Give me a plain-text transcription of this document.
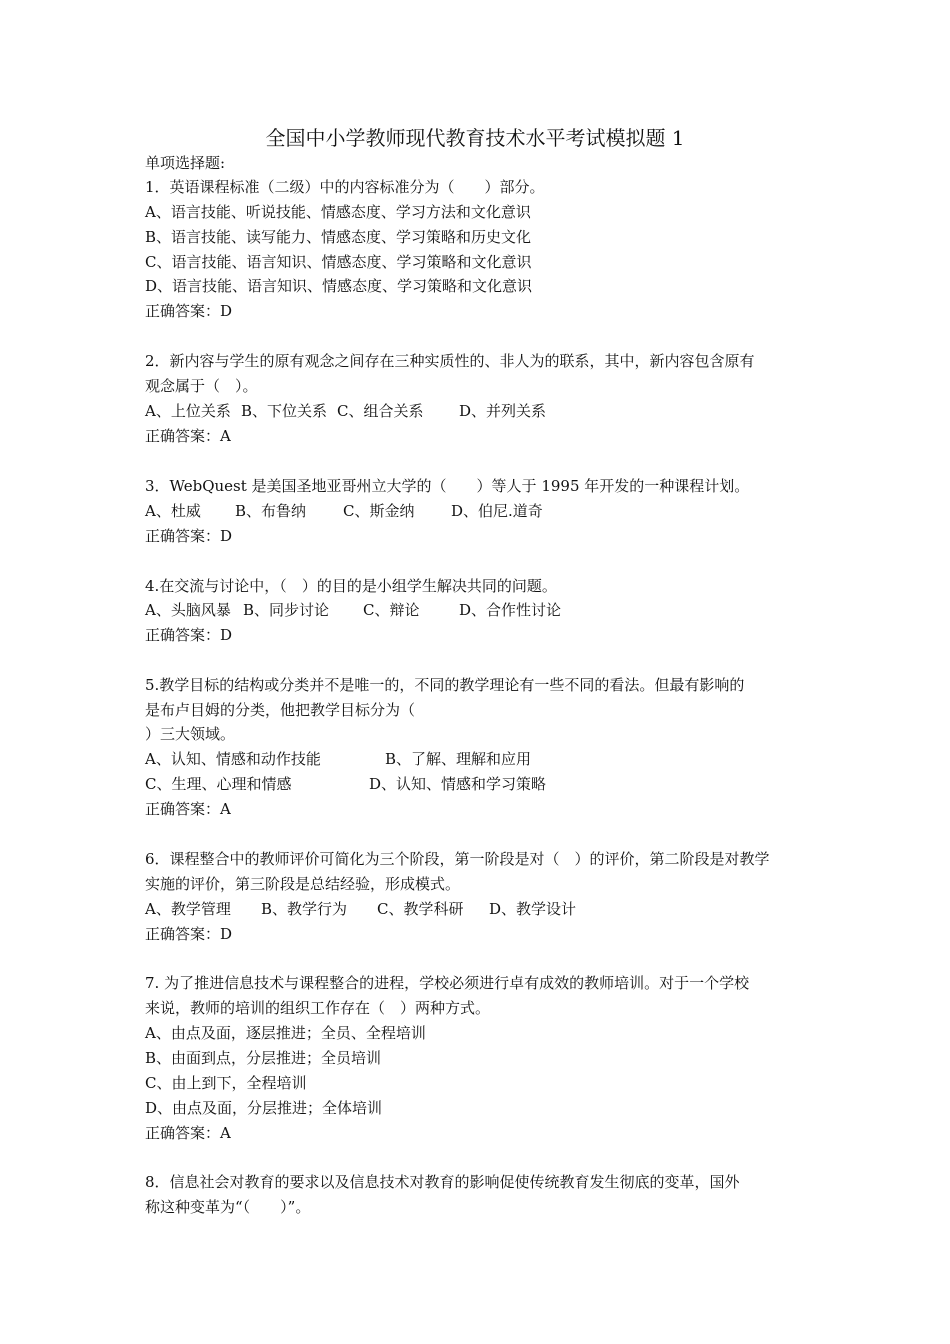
全国中小学教师现代教育技术水平考试模拟题 1
单项选择题:
1．英语课程标准（二级）中的内容标准分为（　　）部分。
A、语言技能、听说技能、情感态度、学习方法和文化意识
B、语言技能、读写能力、情感态度、学习策略和历史文化
C、语言技能、语言知识、情感态度、学习策略和文化意识
D、语言技能、语言知识、情感态度、学习策略和文化意识
正确答案：D
2．新内容与学生的原有观念之间存在三种实质性的、非人为的联系，其中，新内容包含原有
观念属于（　）。
A、上位关系 B、下位关系 C、组合关系 D、并列关系
正确答案：A
3．WebQuest 是美国圣地亚哥州立大学的（　　）等人于 1995 年开发的一种课程计划。
A、杜威 B、布鲁纳 C、斯金纳 D、伯尼.道奇
正确答案：D
4.在交流与讨论中，（　）的目的是小组学生解决共同的问题。
A、头脑风暴 B、同步讨论 C、辩论	D、合作性讨论
正确答案：D
5.教学目标的结构或分类并不是唯一的，不同的教学理论有一些不同的看法。但最有影响的
是布卢目姆的分类，他把教学目标分为（
）三大领域。
A、认知、情感和动作技能	B、了解、理解和应用
C、生理、心理和情感	D、认知、情感和学习策略
正确答案：A
6．课程整合中的教师评价可简化为三个阶段，第一阶段是对（　）的评价，第二阶段是对教学
实施的评价，第三阶段是总结经验，形成模式。
A、教学管理 B、教学行为 C、教学科研 D、教学设计
正确答案：D
7. 为了推进信息技术与课程整合的进程，学校必须进行卓有成效的教师培训。对于一个学校
来说，教师的培训的组织工作存在（　）两种方式。
A、由点及面，逐层推进；全员、全程培训
B、由面到点，分层推进；全员培训
C、由上到下，全程培训
D、由点及面，分层推进；全体培训
正确答案：A
8．信息社会对教育的要求以及信息技术对教育的影响促使传统教育发生彻底的变革，国外
称这种变革为“（　　）”。
